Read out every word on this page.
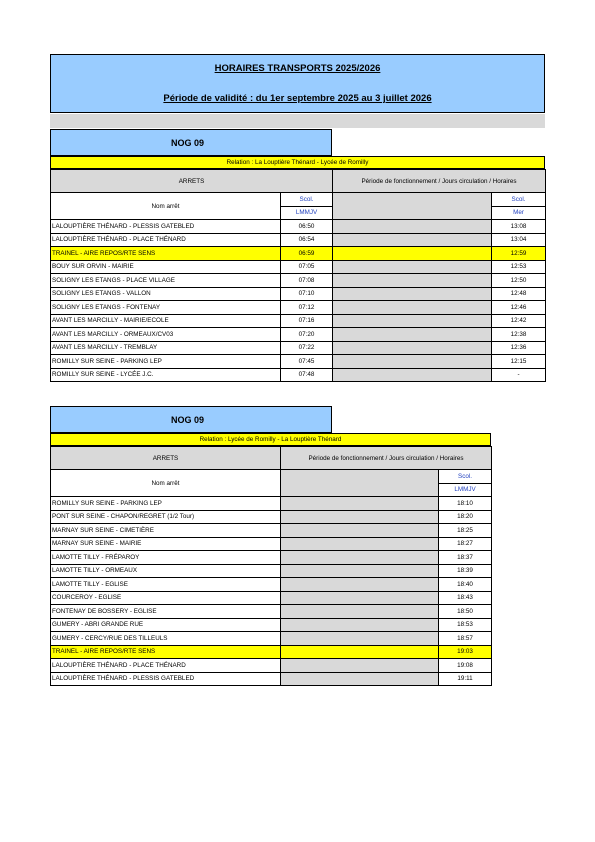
HORAIRES TRANSPORTS 2025/2026
Période de validité : du 1er septembre 2025 au 3 juillet 2026
NOG 09
Relation : La Louptière Thénard - Lycée de Romilly
ARRETS		Période de fonctionnement / Jours circulation / Horaires	
Nom arrêt	Scol.		Scol.
	LMMJV		Mer
LALOUPTIÈRE THÉNARD - PLESSIS GATEBLED	06:50		13:08
LALOUPTIÈRE THÉNARD - PLACE THÉNARD	06:54		13:04
TRAINEL - AIRE REPOS/RTE SENS	06:59		12:59
BOUY SUR ORVIN - MAIRIE	07:05		12:53
SOLIGNY LES ETANGS - PLACE VILLAGE	07:08		12:50
SOLIGNY LES ETANGS - VALLON	07:10		12:48
SOLIGNY LES ETANGS - FONTENAY	07:12		12:46
AVANT LES MARCILLY - MAIRIE/ECOLE	07:16		12:42
AVANT LES MARCILLY - ORMEAUX/CV03	07:20		12:38
AVANT LES MARCILLY - TREMBLAY	07:22		12:36
ROMILLY SUR SEINE - PARKING LEP	07:45		12:15
ROMILLY SUR SEINE - LYCÉE J.C.	07:48		-
NOG 09
Relation : Lycée de Romilly - La Louptière Thénard
ARRETS	Période de fonctionnement / Jours circulation / Horaires	
Nom arrêt		Scol.
		LMMJV
ROMILLY SUR SEINE - PARKING LEP		18:10
PONT SUR SEINE - CHAPON/REGRET (1/2 Tour)		18:20
MARNAY SUR SEINE - CIMETIÈRE		18:25
MARNAY SUR SEINE - MAIRIE		18:27
LAMOTTE TILLY - FRÉPAROY		18:37
LAMOTTE TILLY - ORMEAUX		18:39
LAMOTTE TILLY - EGLISE		18:40
COURCEROY - EGLISE		18:43
FONTENAY DE BOSSERY - EGLISE		18:50
GUMERY - ABRI GRANDE RUE		18:53
GUMERY - CERCY/RUE DES TILLEULS		18:57
TRAINEL - AIRE REPOS/RTE SENS		19:03
LALOUPTIÈRE THÉNARD - PLACE THÉNARD		19:08
LALOUPTIÈRE THÉNARD - PLESSIS GATEBLED		19:11
